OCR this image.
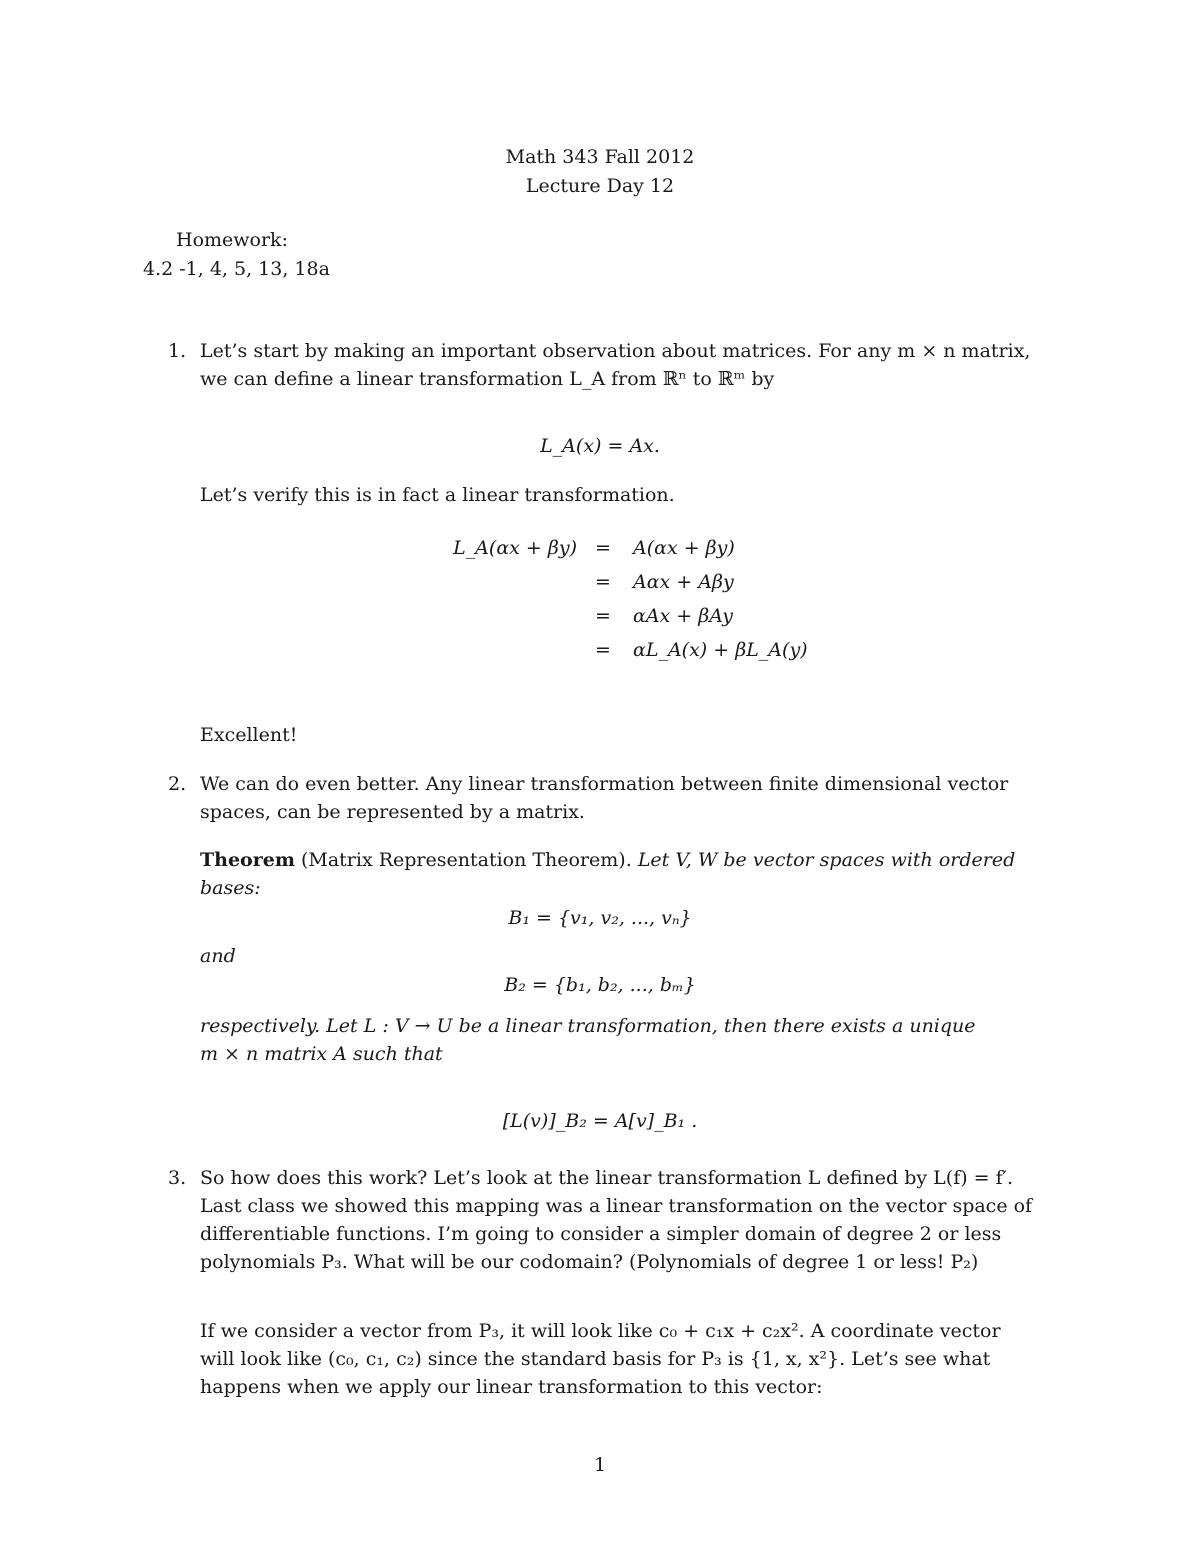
Math 343 Fall 2012
Lecture Day 12
Homework:
4.2 -1, 4, 5, 13, 18a
1. Let’s start by making an important observation about matrices. For any m × n matrix,
we can define a linear transformation L_A from ℝⁿ to ℝᵐ by
L_A(x) = Ax.
Let’s verify this is in fact a linear transformation.
L_A(αx + βy) = A(αx + βy)
= Aαx + Aβy
= αAx + βAy
= αL_A(x) + βL_A(y)
Excellent!
2. We can do even better. Any linear transformation between finite dimensional vector
spaces, can be represented by a matrix.
Theorem (Matrix Representation Theorem). Let V, W be vector spaces with ordered
bases:
B₁ = {v₁, v₂, ..., vₙ}
and
B₂ = {b₁, b₂, ..., bₘ}
respectively. Let L : V → U be a linear transformation, then there exists a unique
m × n matrix A such that
[L(v)]_B₂ = A[v]_B₁ .
3. So how does this work? Let’s look at the linear transformation L defined by L(f) = f′.
Last class we showed this mapping was a linear transformation on the vector space of
differentiable functions. I’m going to consider a simpler domain of degree 2 or less
polynomials P₃. What will be our codomain? (Polynomials of degree 1 or less! P₂)
If we consider a vector from P₃, it will look like c₀ + c₁x + c₂x². A coordinate vector
will look like (c₀, c₁, c₂) since the standard basis for P₃ is {1, x, x²}. Let’s see what
happens when we apply our linear transformation to this vector:
1
